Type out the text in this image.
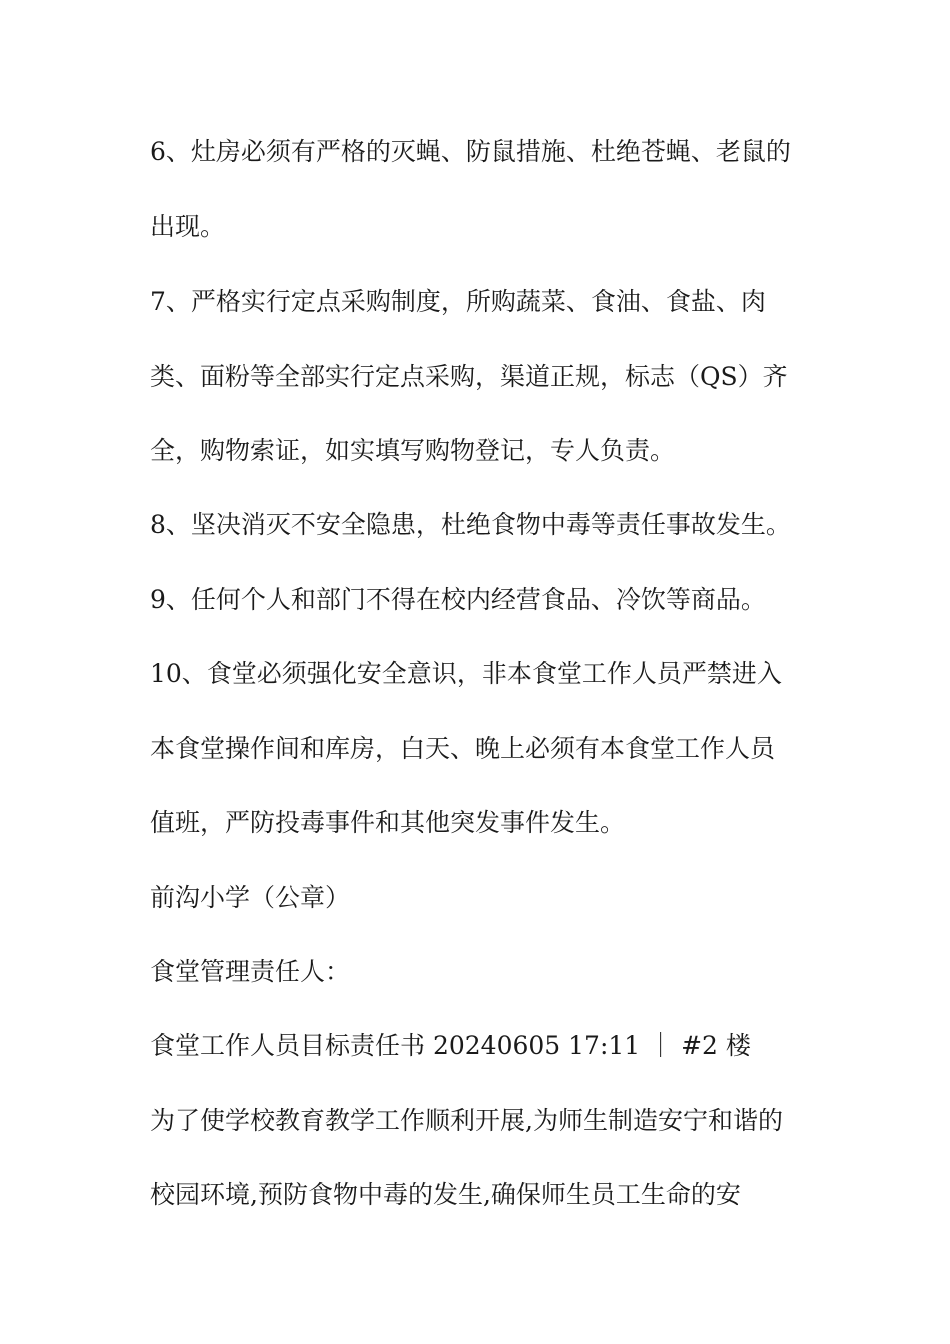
6、灶房必须有严格的灭蝇、防鼠措施、杜绝苍蝇、老鼠的

出现。

7、严格实行定点采购制度，所购蔬菜、食油、食盐、肉

类、面粉等全部实行定点采购，渠道正规，标志（QS）齐

全，购物索证，如实填写购物登记，专人负责。

8、坚决消灭不安全隐患，杜绝食物中毒等责任事故发生。

9、任何个人和部门不得在校内经营食品、冷饮等商品。

10、食堂必须强化安全意识，非本食堂工作人员严禁进入

本食堂操作间和库房，白天、晚上必须有本食堂工作人员

值班，严防投毒事件和其他突发事件发生。

前沟小学（公章）

食堂管理责任人：

食堂工作人员目标责任书 20240605 17:11 ｜ #2 楼

为了使学校教育教学工作顺利开展,为师生制造安宁和谐的

校园环境,预防食物中毒的发生,确保师生员工生命的安
